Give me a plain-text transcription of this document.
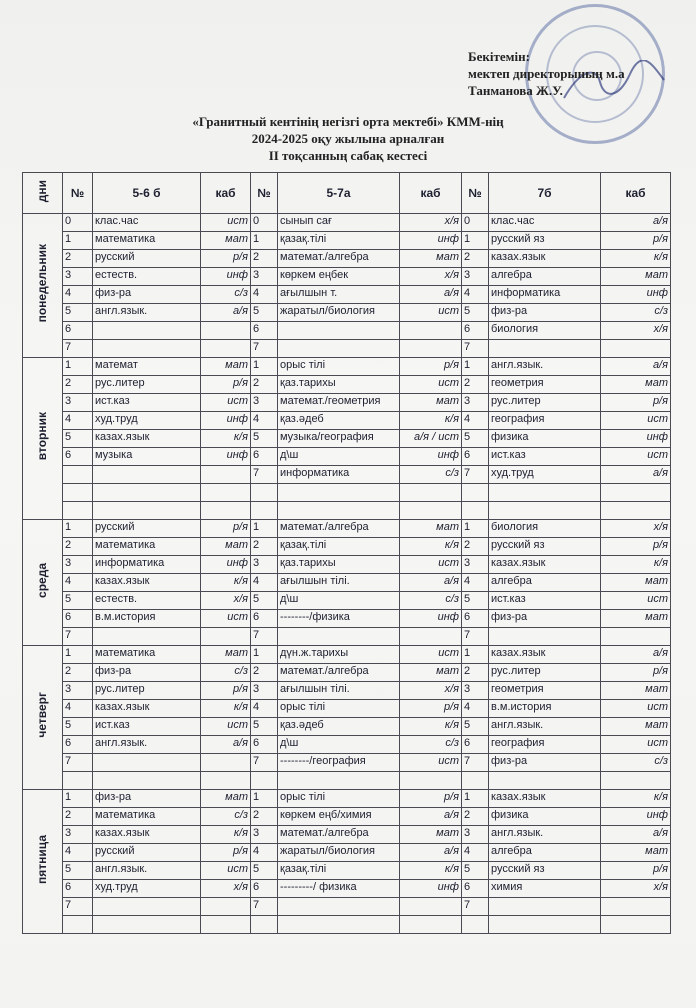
Бекітемін:
мектеп директорының м.а
Танманова Ж.У.
«Гранитный кентінің негізгі орта мектебі» КММ-нің
2024-2025 оқу жылына арналған
II тоқсанның сабақ кестесі
дни	№	5-6 б	каб	№	5-7а	каб	№	7б	каб
понедельник	0	клас.час	ист	0	сынып сағ	х/я	0	клас.час	а/я
	1	математика	мат	1	қазақ.тілі	инф	1	русский яз	р/я
	2	русский	р/я	2	математ./алгебра	мат	2	казах.язык	к/я
	3	естеств.	инф	3	көркем еңбек	х/я	3	алгебра	мат
	4	физ-ра	с/з	4	ағылшын т.	а/я	4	информатика	инф
	5	англ.язык.	а/я	5	жаратыл/биология	ист	5	физ-ра	с/з
	6			6			6	биология	х/я
	7			7			7		
вторник	1	математ	мат	1	орыс тілі	р/я	1	англ.язык.	а/я
	2	рус.литер	р/я	2	қаз.тарихы	ист	2	геометрия	мат
	3	ист.каз	ист	3	математ./геометрия	мат	3	рус.литер	р/я
	4	худ.труд	инф	4	қаз.әдеб	к/я	4	география	ист
	5	казах.язык	к/я	5	музыка/география	а/я / ист	5	физика	инф
	6	музыка	инф	6	д\ш	инф	6	ист.каз	ист
				7	информатика	с/з	7	худ.труд	а/я

среда	1	русский	р/я	1	математ./алгебра	мат	1	биология	х/я
	2	математика	мат	2	қазақ.тілі	к/я	2	русский яз	р/я
	3	информатика	инф	3	қаз.тарихы	ист	3	казах.язык	к/я
	4	казах.язык	к/я	4	ағылшын тілі.	а/я	4	алгебра	мат
	5	естеств.	х/я	5	д\ш	с/з	5	ист.каз	ист
	6	в.м.история	ист	6	--------/физика	инф	6	физ-ра	мат
	7			7			7		
четверг	1	математика	мат	1	дүн.ж.тарихы	ист	1	казах.язык	а/я
	2	физ-ра	с/з	2	математ./алгебра	мат	2	рус.литер	р/я
	3	рус.литер	р/я	3	ағылшын тілі.	х/я	3	геометрия	мат
	4	казах.язык	к/я	4	орыс тілі	р/я	4	в.м.история	ист
	5	ист.каз	ист	5	қаз.әдеб	к/я	5	англ.язык.	мат
	6	англ.язык.	а/я	6	д\ш	с/з	6	география	ист
	7			7	--------/география	ист	7	физ-ра	с/з

пятница	1	физ-ра	мат	1	орыс тілі	р/я	1	казах.язык	к/я
	2	математика	с/з	2	көркем еңб/химия	а/я	2	физика	инф
	3	казах.язык	к/я	3	математ./алгебра	мат	3	англ.язык.	а/я
	4	русский	р/я	4	жаратыл/биология	а/я	4	алгебра	мат
	5	англ.язык.	ист	5	қазақ.тілі	к/я	5	русский яз	р/я
	6	худ.труд	х/я	6	---------/ физика	инф	6	химия	х/я
	7			7			7		
